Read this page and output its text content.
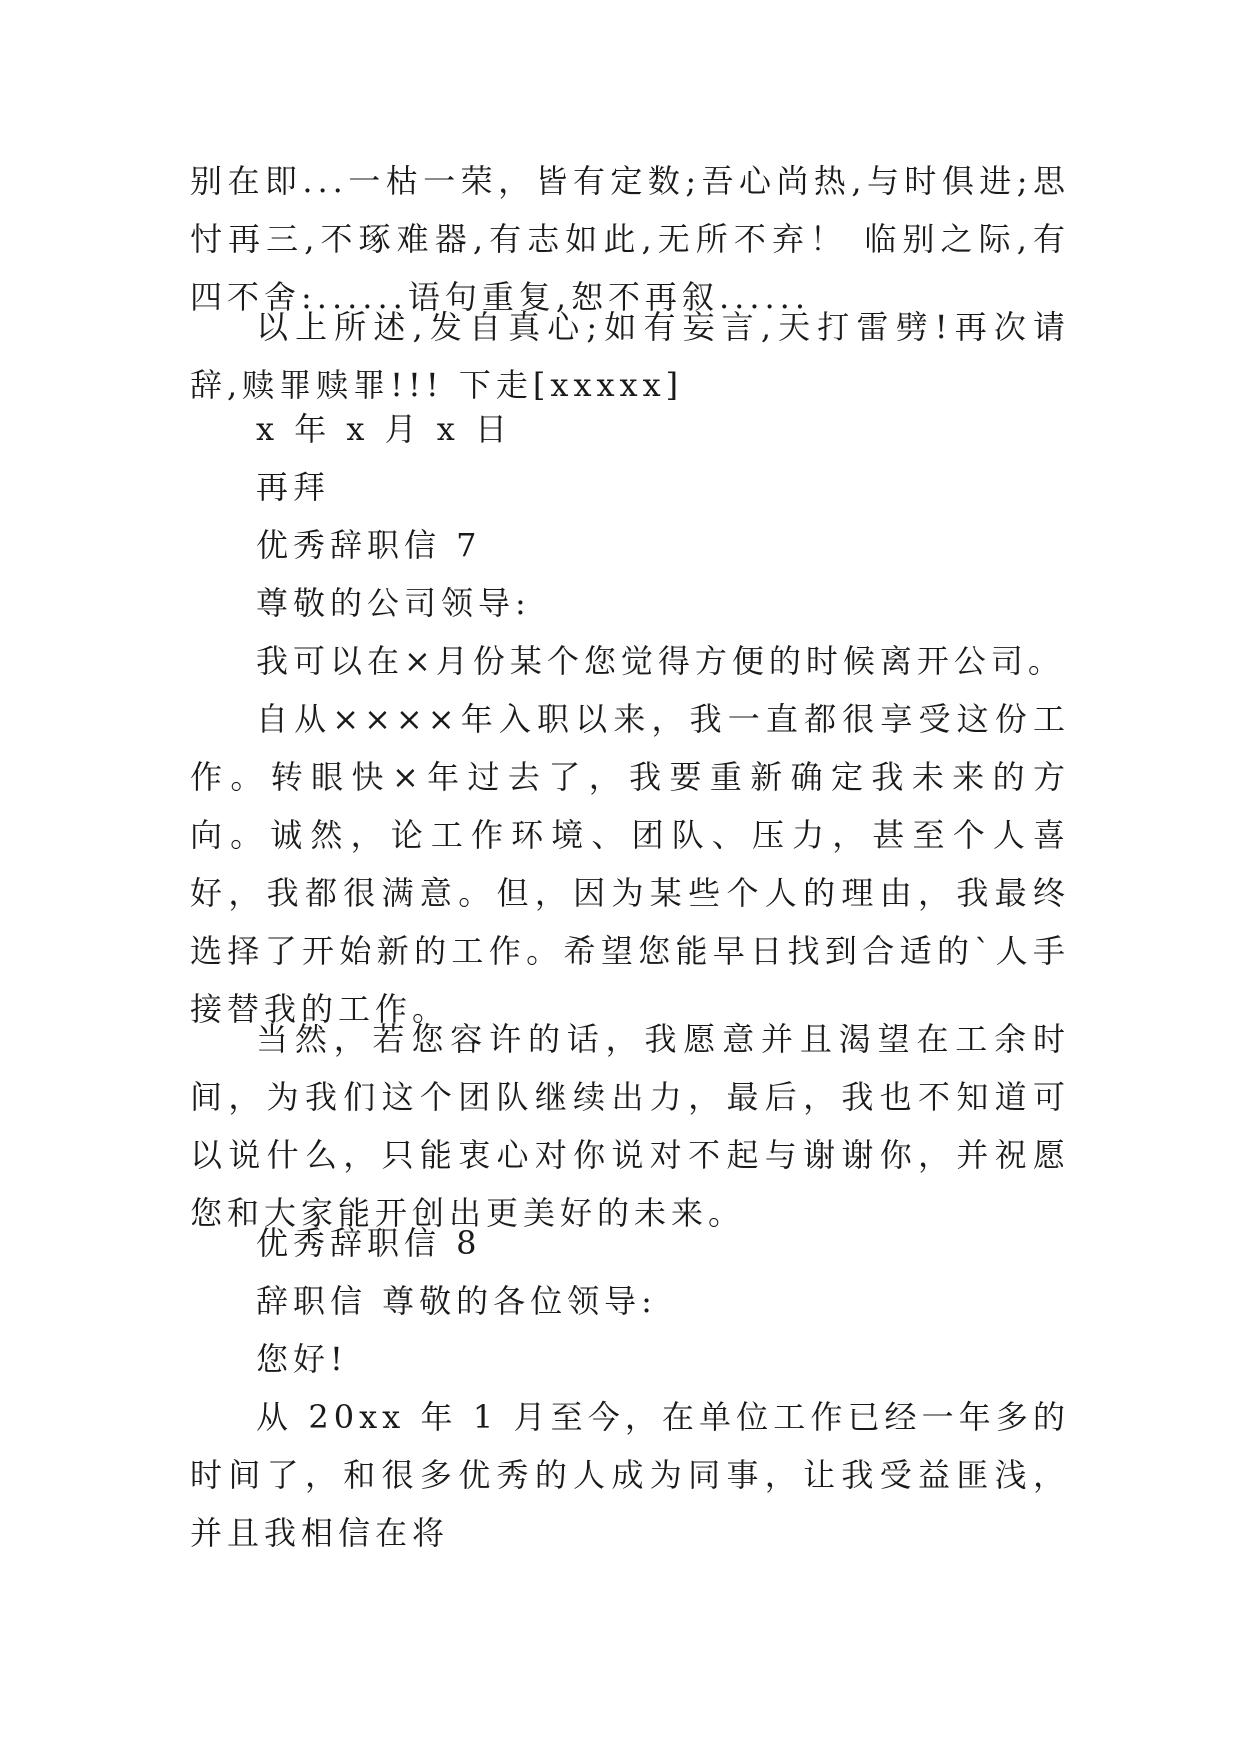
别在即...一枯一荣，皆有定数;吾心尚热,与时俱进;思忖再三,不琢难器,有志如此,无所不弃！ 临别之际,有四不舍:......语句重复,恕不再叙......

以上所述,发自真心;如有妄言,天打雷劈!再次请辞,赎罪赎罪!!! 下走[xxxxx]

x 年 x 月 x 日

再拜

优秀辞职信 7

尊敬的公司领导:

我可以在×月份某个您觉得方便的时候离开公司。

自从××××年入职以来，我一直都很享受这份工作。转眼快×年过去了，我要重新确定我未来的方向。诚然，论工作环境、团队、压力，甚至个人喜好，我都很满意。但，因为某些个人的理由，我最终选择了开始新的工作。希望您能早日找到合适的`人手接替我的工作。

当然，若您容许的话，我愿意并且渴望在工余时间，为我们这个团队继续出力，最后，我也不知道可以说什么，只能衷心对你说对不起与谢谢你，并祝愿您和大家能开创出更美好的未来。

优秀辞职信 8

辞职信 尊敬的各位领导:

您好!

从 20xx 年 1 月至今，在单位工作已经一年多的时间了，和很多优秀的人成为同事，让我受益匪浅，并且我相信在将
